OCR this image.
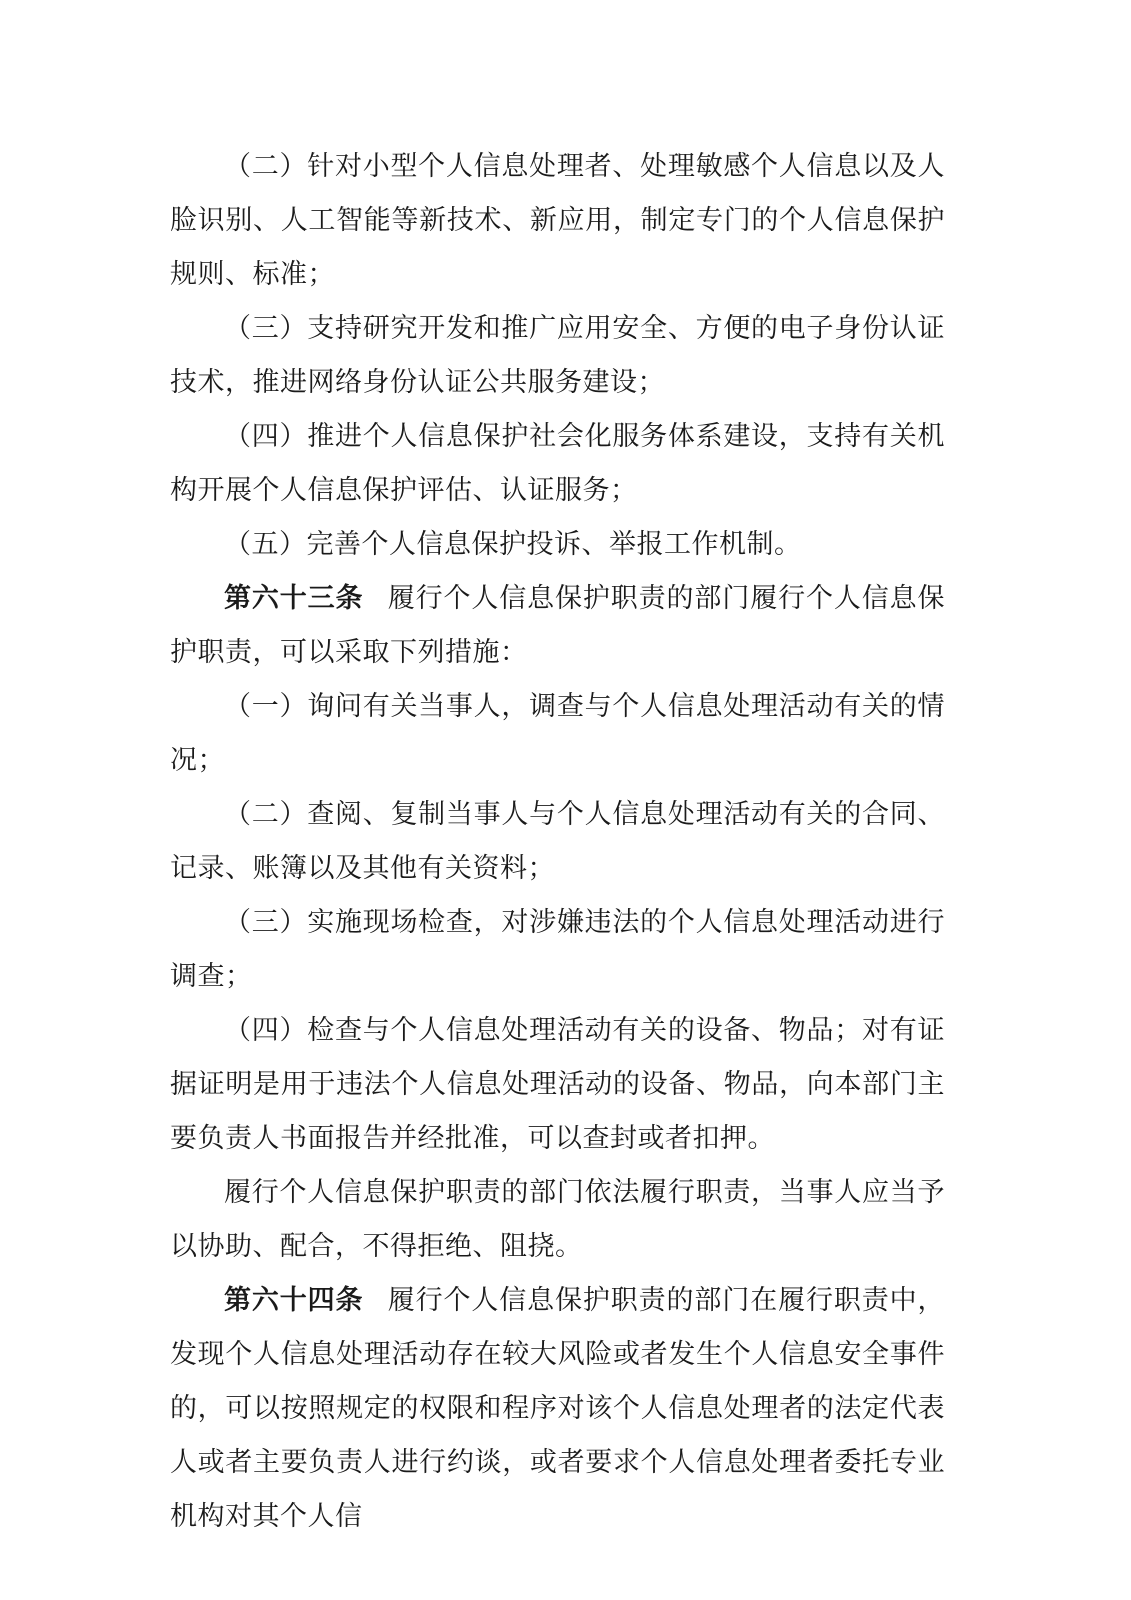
（二）针对小型个人信息处理者、处理敏感个人信息以及人脸识别、人工智能等新技术、新应用，制定专门的个人信息保护规则、标准；

（三）支持研究开发和推广应用安全、方便的电子身份认证技术，推进网络身份认证公共服务建设；

（四）推进个人信息保护社会化服务体系建设，支持有关机构开展个人信息保护评估、认证服务；

（五）完善个人信息保护投诉、举报工作机制。

第六十三条 履行个人信息保护职责的部门履行个人信息保护职责，可以采取下列措施：

（一）询问有关当事人，调查与个人信息处理活动有关的情况；

（二）查阅、复制当事人与个人信息处理活动有关的合同、记录、账簿以及其他有关资料；

（三）实施现场检查，对涉嫌违法的个人信息处理活动进行调查；

（四）检查与个人信息处理活动有关的设备、物品；对有证据证明是用于违法个人信息处理活动的设备、物品，向本部门主要负责人书面报告并经批准，可以查封或者扣押。

履行个人信息保护职责的部门依法履行职责，当事人应当予以协助、配合，不得拒绝、阻挠。

第六十四条 履行个人信息保护职责的部门在履行职责中，发现个人信息处理活动存在较大风险或者发生个人信息安全事件的，可以按照规定的权限和程序对该个人信息处理者的法定代表人或者主要负责人进行约谈，或者要求个人信息处理者委托专业机构对其个人信
